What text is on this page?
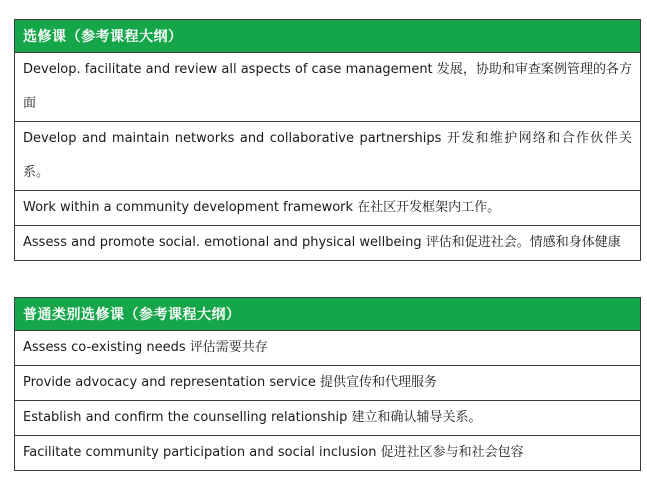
选修课（参考课程大纲）
Develop. facilitate and review all aspects of case management 发展，协助和审查案例管理的各方面
Develop and maintain networks and collaborative partnerships 开发和维护网络和合作伙伴关系。
Work within a community development framework 在社区开发框架内工作。
Assess and promote social. emotional and physical wellbeing 评估和促进社会。情感和身体健康
普通类别选修课（参考课程大纲）
Assess co-existing needs 评估需要共存
Provide advocacy and representation service 提供宣传和代理服务
Establish and confirm the counselling relationship 建立和确认辅导关系。
Facilitate community participation and social inclusion 促进社区参与和社会包容
